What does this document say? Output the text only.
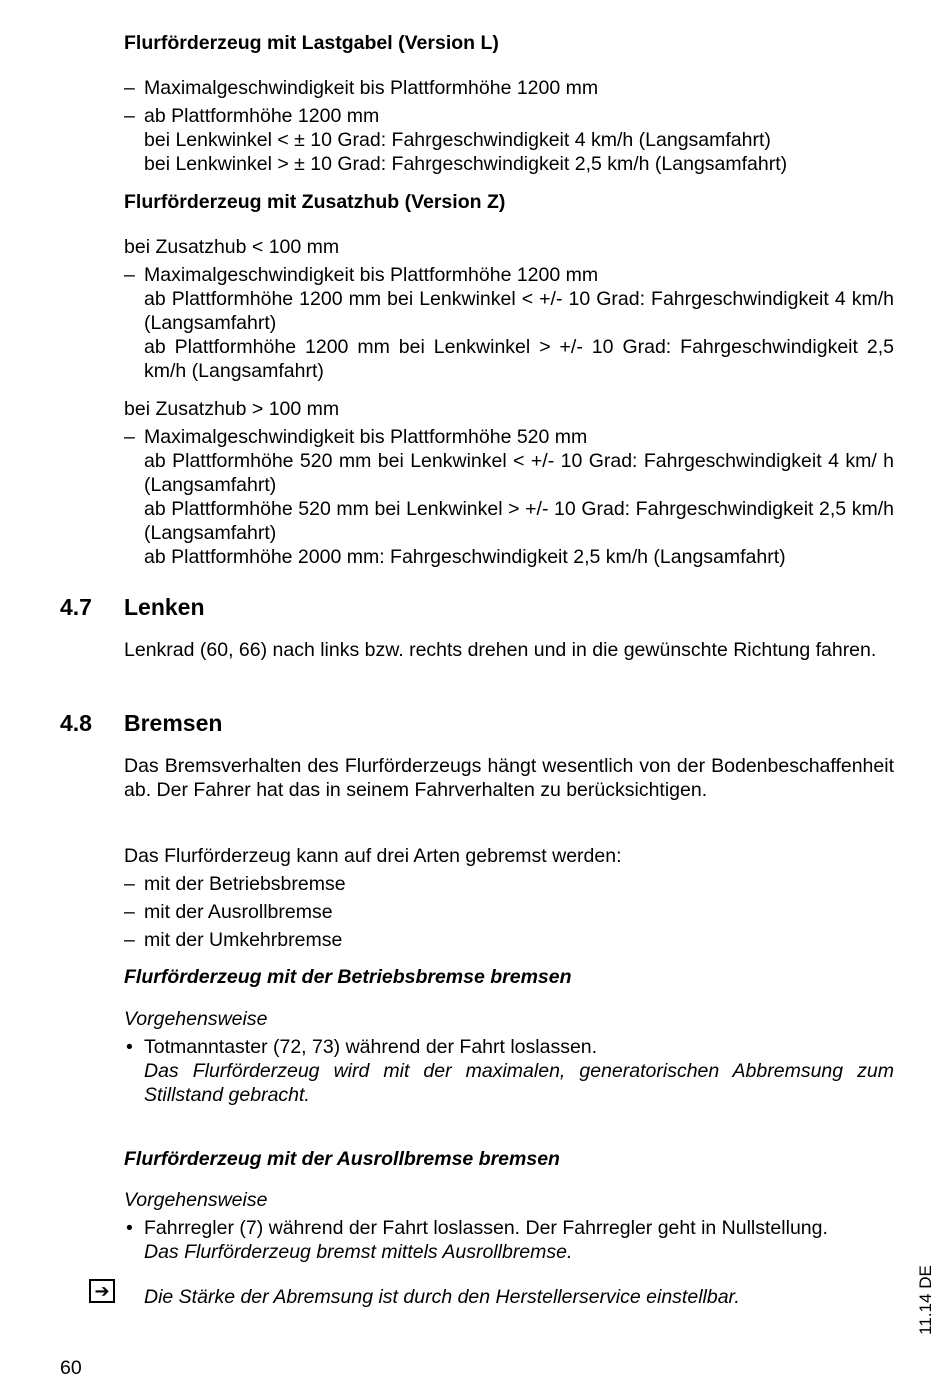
Flurförderzeug mit Lastgabel (Version L)
– Maximalgeschwindigkeit bis Plattformhöhe 1200 mm
– ab Plattformhöhe 1200 mm
bei Lenkwinkel < ± 10 Grad: Fahrgeschwindigkeit 4 km/h (Langsamfahrt)
bei Lenkwinkel > ± 10 Grad: Fahrgeschwindigkeit 2,5 km/h (Langsamfahrt)
Flurförderzeug mit Zusatzhub (Version Z)
bei Zusatzhub < 100 mm
– Maximalgeschwindigkeit bis Plattformhöhe 1200 mm
ab Plattformhöhe 1200 mm bei Lenkwinkel < +/- 10 Grad: Fahrgeschwindigkeit 4 km/h (Langsamfahrt)
ab Plattformhöhe 1200 mm bei Lenkwinkel > +/- 10 Grad: Fahrgeschwindigkeit 2,5 km/h (Langsamfahrt)
bei Zusatzhub > 100 mm
– Maximalgeschwindigkeit bis Plattformhöhe 520 mm
ab Plattformhöhe 520 mm bei Lenkwinkel < +/- 10 Grad: Fahrgeschwindigkeit 4 km/ h (Langsamfahrt)
ab Plattformhöhe 520 mm bei Lenkwinkel > +/- 10 Grad: Fahrgeschwindigkeit 2,5 km/h (Langsamfahrt)
ab Plattformhöhe 2000 mm: Fahrgeschwindigkeit 2,5 km/h (Langsamfahrt)
4.7 Lenken
Lenkrad (60, 66) nach links bzw. rechts drehen und in die gewünschte Richtung fahren.
4.8 Bremsen
Das Bremsverhalten des Flurförderzeugs hängt wesentlich von der Bodenbeschaffenheit ab. Der Fahrer hat das in seinem Fahrverhalten zu berücksichtigen.
Das Flurförderzeug kann auf drei Arten gebremst werden:
– mit der Betriebsbremse
– mit der Ausrollbremse
– mit der Umkehrbremse
Flurförderzeug mit der Betriebsbremse bremsen
Vorgehensweise
• Totmanntaster (72, 73) während der Fahrt loslassen.
Das Flurförderzeug wird mit der maximalen, generatorischen Abbremsung zum Stillstand gebracht.
Flurförderzeug mit der Ausrollbremse bremsen
Vorgehensweise
• Fahrregler (7) während der Fahrt loslassen. Der Fahrregler geht in Nullstellung.
Das Flurförderzeug bremst mittels Ausrollbremse.
➔	Die Stärke der Abremsung ist durch den Herstellerservice einstellbar.	11.14 DE
60
